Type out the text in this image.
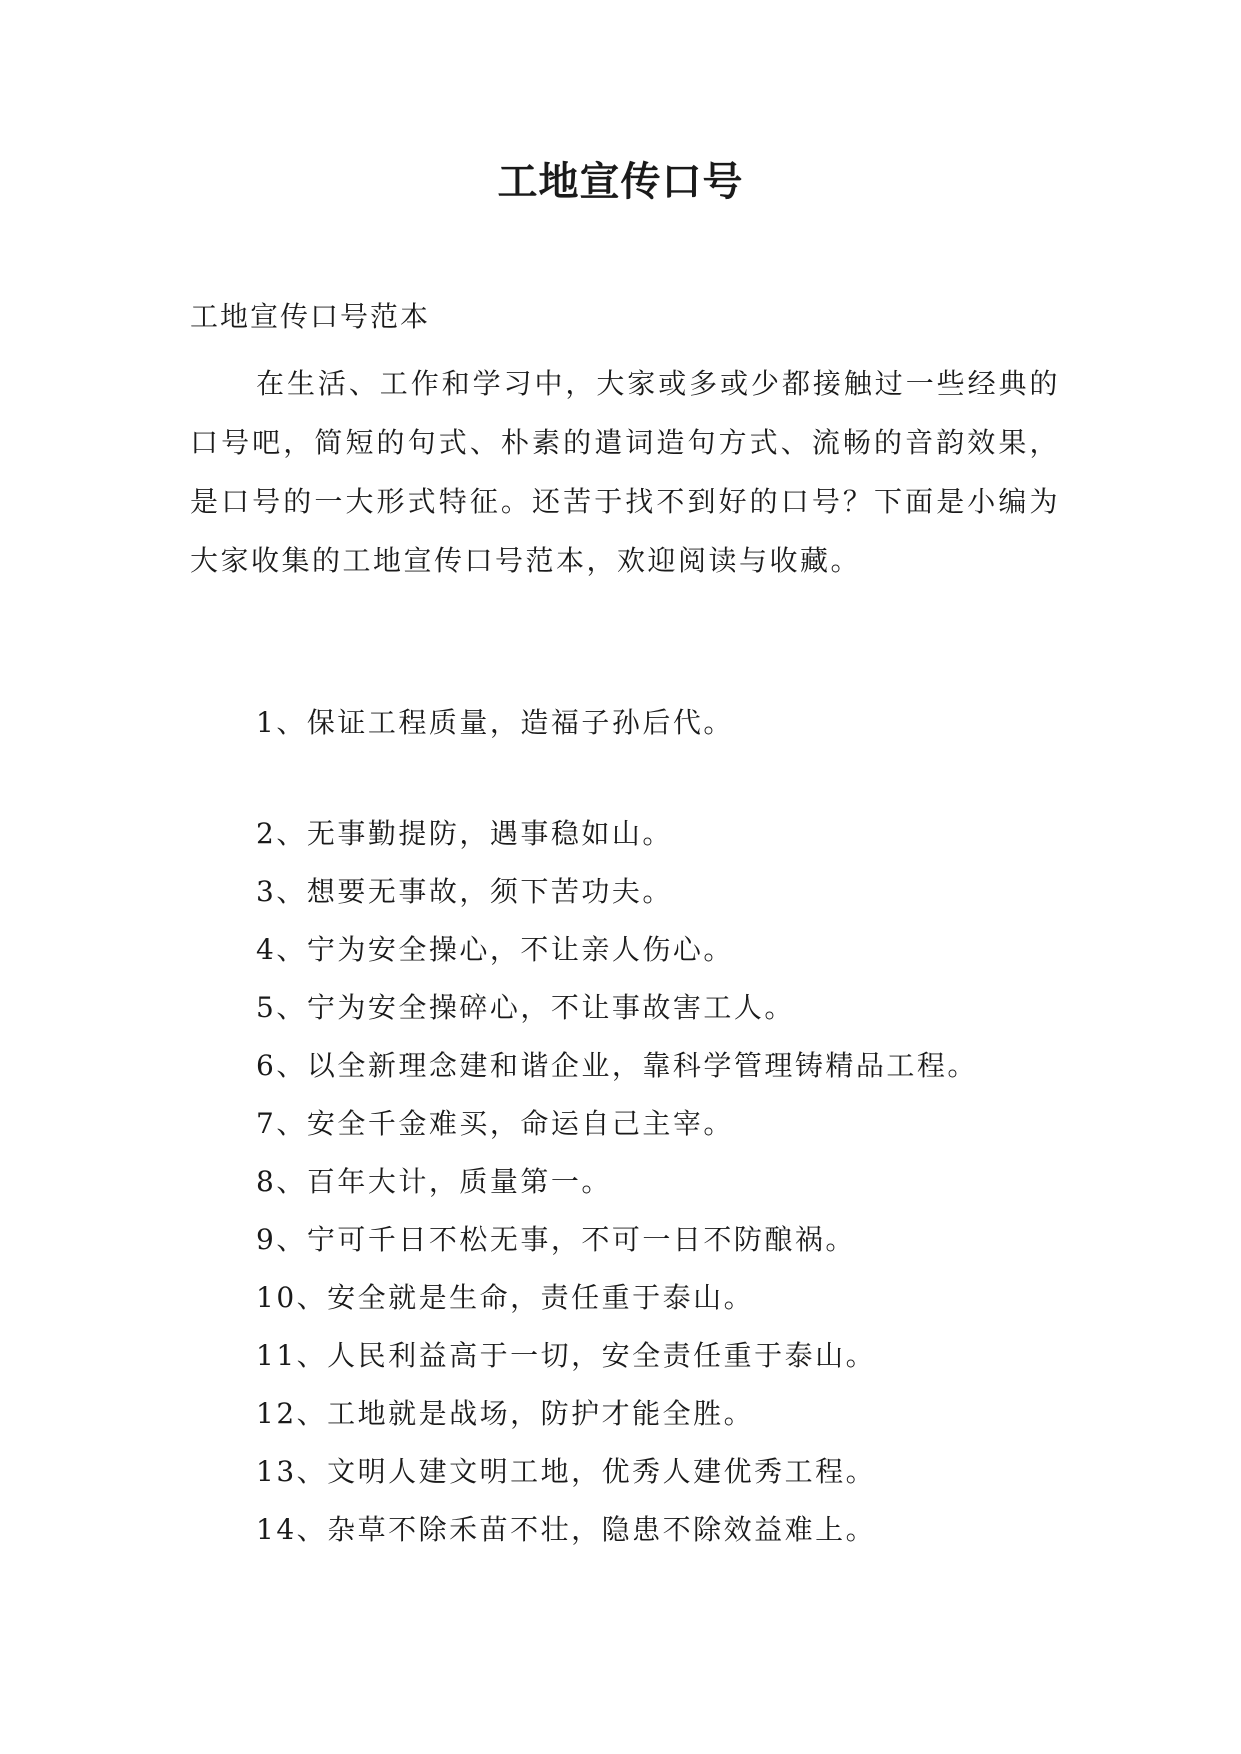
工地宣传口号

工地宣传口号范本

在生活、工作和学习中，大家或多或少都接触过一些经典的口号吧，简短的句式、朴素的遣词造句方式、流畅的音韵效果，是口号的一大形式特征。还苦于找不到好的口号？下面是小编为大家收集的工地宣传口号范本，欢迎阅读与收藏。

1、保证工程质量，造福子孙后代。

2、无事勤提防，遇事稳如山。

3、想要无事故，须下苦功夫。

4、宁为安全操心，不让亲人伤心。

5、宁为安全操碎心，不让事故害工人。

6、以全新理念建和谐企业，靠科学管理铸精品工程。

7、安全千金难买，命运自己主宰。

8、百年大计，质量第一。

9、宁可千日不松无事，不可一日不防酿祸。

10、安全就是生命，责任重于泰山。

11、人民利益高于一切，安全责任重于泰山。

12、工地就是战场，防护才能全胜。

13、文明人建文明工地，优秀人建优秀工程。

14、杂草不除禾苗不壮，隐患不除效益难上。
